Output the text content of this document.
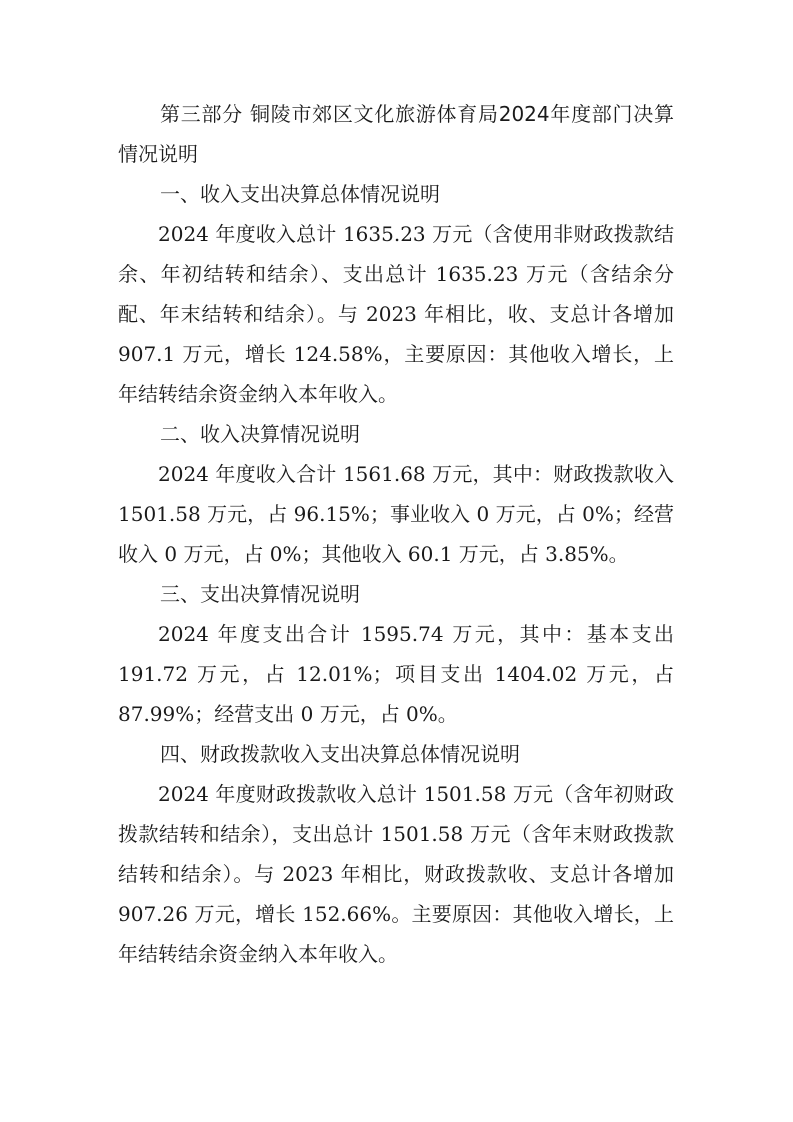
第三部分 铜陵市郊区文化旅游体育局2024年度部门决算情况说明

一、收入支出决算总体情况说明

2024 年度收入总计 1635.23 万元（含使用非财政拨款结余、年初结转和结余）、支出总计 1635.23 万元（含结余分配、年末结转和结余）。与 2023 年相比，收、支总计各增加 907.1 万元，增长 124.58%，主要原因：其他收入增长，上年结转结余资金纳入本年收入。

二、收入决算情况说明

2024 年度收入合计 1561.68 万元，其中：财政拨款收入 1501.58 万元，占 96.15%；事业收入 0 万元，占 0%；经营收入 0 万元，占 0%；其他收入 60.1 万元，占 3.85%。

三、支出决算情况说明

2024 年度支出合计 1595.74 万元，其中：基本支出 191.72 万元，占 12.01%；项目支出 1404.02 万元，占 87.99%；经营支出 0 万元，占 0%。

四、财政拨款收入支出决算总体情况说明

2024 年度财政拨款收入总计 1501.58 万元（含年初财政拨款结转和结余），支出总计 1501.58 万元（含年末财政拨款结转和结余）。与 2023 年相比，财政拨款收、支总计各增加 907.26 万元，增长 152.66%。主要原因：其他收入增长，上年结转结余资金纳入本年收入。
